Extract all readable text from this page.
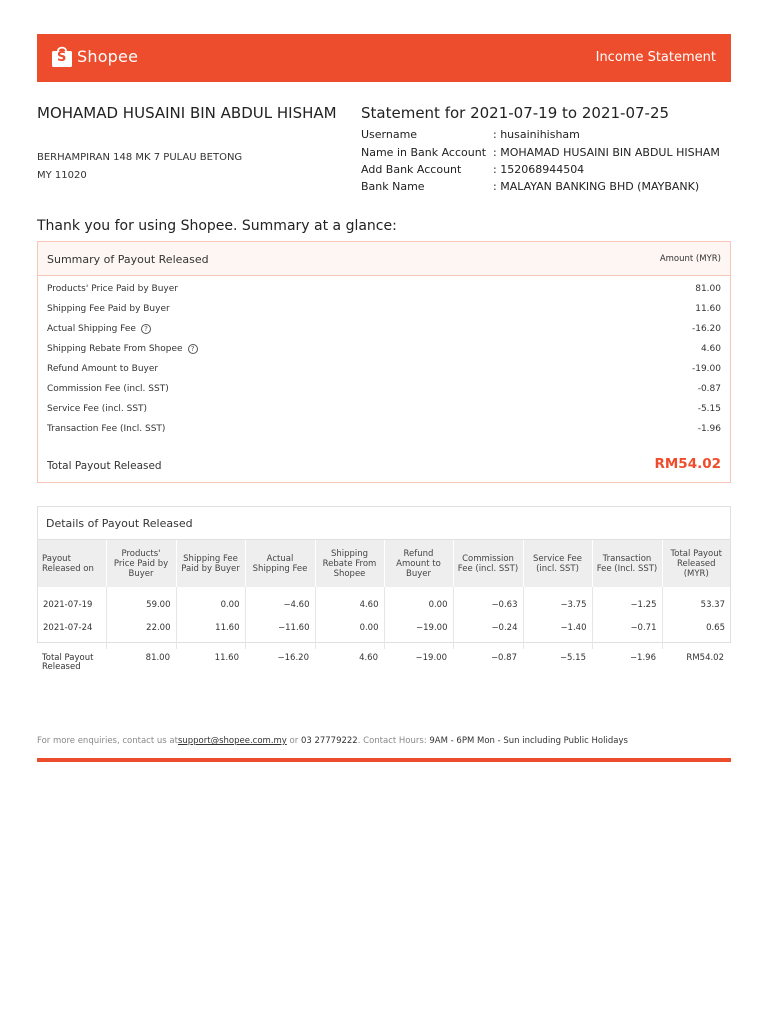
S Shopee	Income Statement
MOHAMAD HUSAINI BIN ABDUL HISHAM
BERHAMPIRAN 148 MK 7 PULAU BETONG
MY 11020
Statement for 2021-07-19 to 2021-07-25
Username	: husainihisham
Name in Bank Account : MOHAMAD HUSAINI BIN ABDUL HISHAM
Add Bank Account	: 152068944504
Bank Name	: MALAYAN BANKING BHD (MAYBANK)
Thank you for using Shopee. Summary at a glance:
Summary of Payout Released	Amount (MYR)
Products' Price Paid by Buyer	81.00
Shipping Fee Paid by Buyer	11.60
Actual Shipping Fee	?	-16.20
Shipping Rebate From Shopee	?	4.60
Refund Amount to Buyer	-19.00
Commission Fee (incl. SST)	-0.87
Service Fee (incl. SST)	-5.15
Transaction Fee (Incl. SST)	-1.96
Total Payout Released	RM54.02
Details of Payout Released
Payout Released on	Products' Price Paid by Buyer	Shipping Fee Paid by Buyer	Actual Shipping Fee	Shipping Rebate From Shopee	Refund Amount to Buyer	Commission Fee (incl. SST)	Service Fee (incl. SST)	Transaction Fee (Incl. SST)	Total Payout Released (MYR)
2021-07-19	59.00	0.00	−4.60	4.60	0.00	−0.63	−3.75	−1.25	53.37
2021-07-24	22.00	11.60	−11.60	0.00	−19.00	−0.24	−1.40	−0.71	0.65
Total Payout Released	81.00	11.60	−16.20	4.60	−19.00	−0.87	−5.15	−1.96	RM54.02
For more enquiries, contact us atsupport@shopee.com.my or 03 27779222. Contact Hours: 9AM - 6PM Mon - Sun including Public Holidays
